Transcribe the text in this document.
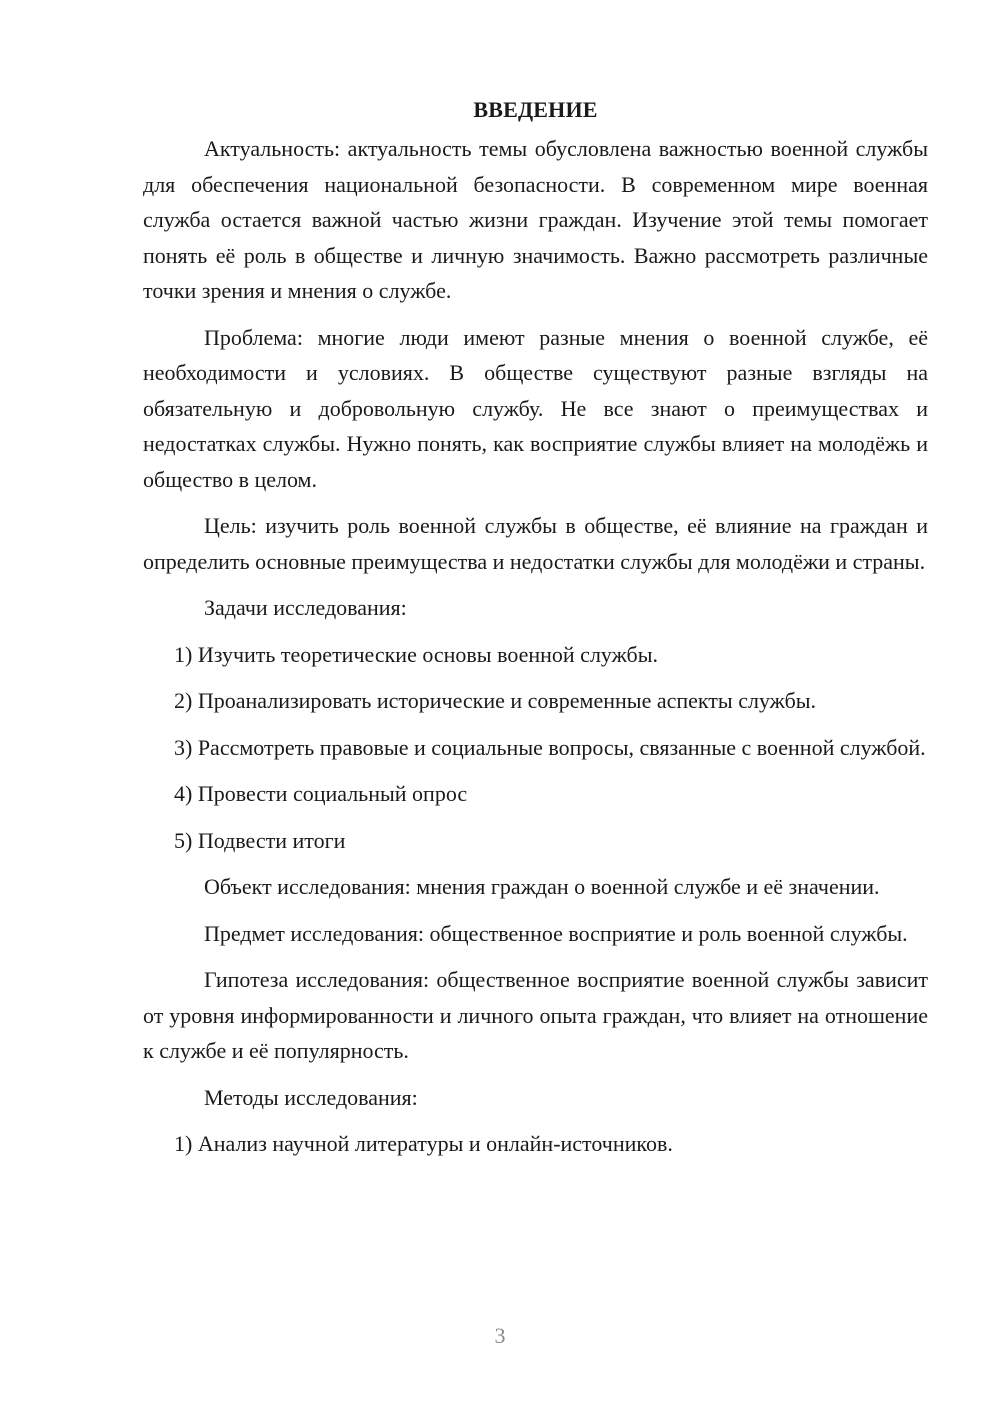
ВВЕДЕНИЕ

Актуальность: актуальность темы обусловлена важностью военной службы для обеспечения национальной безопасности. В современном мире военная служба остается важной частью жизни граждан. Изучение этой темы помогает понять её роль в обществе и личную значимость. Важно рассмотреть различные точки зрения и мнения о службе.

Проблема: многие люди имеют разные мнения о военной службе, её необходимости и условиях. В обществе существуют разные взгляды на обязательную и добровольную службу. Не все знают о преимуществах и недостатках службы. Нужно понять, как восприятие службы влияет на молодёжь и общество в целом.

Цель: изучить роль военной службы в обществе, её влияние на граждан и определить основные преимущества и недостатки службы для молодёжи и страны.

Задачи исследования:

1) Изучить теоретические основы военной службы.

2) Проанализировать исторические и современные аспекты службы.

3) Рассмотреть правовые и социальные вопросы, связанные с военной службой.

4) Провести социальный опрос

5) Подвести итоги

Объект исследования: мнения граждан о военной службе и её значении.

Предмет исследования: общественное восприятие и роль военной службы.

Гипотеза исследования: общественное восприятие военной службы зависит от уровня информированности и личного опыта граждан, что влияет на отношение к службе и её популярность.

Методы исследования:

1) Анализ научной литературы и онлайн-источников.

3
